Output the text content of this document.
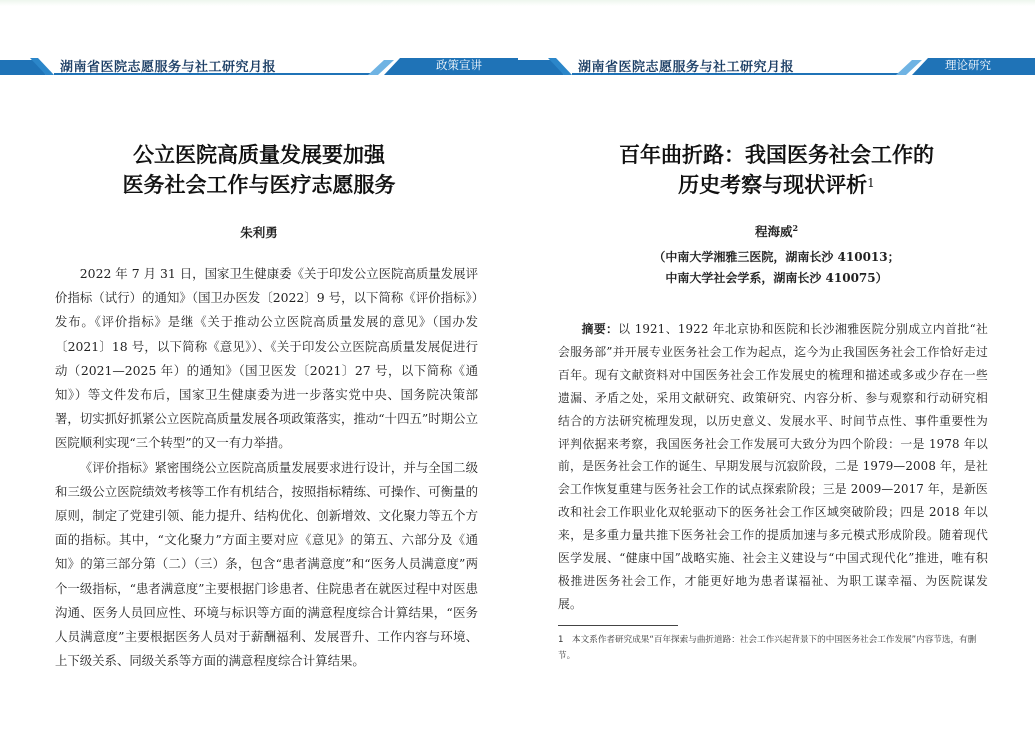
湖南省医院志愿服务与社工研究月报	政策宣讲
公立医院高质量发展要加强
医务社会工作与医疗志愿服务
朱利勇

2022 年 7 月 31 日，国家卫生健康委《关于印发公立医院高质量发展评价指标（试行）的通知》（国卫办医发〔2022〕9 号，以下简称《评价指标》）发布。《评价指标》是继《关于推动公立医院高质量发展的意见》（国办发〔2021〕18 号，以下简称《意见》）、《关于印发公立医院高质量发展促进行动（2021—2025 年）的通知》（国卫医发〔2021〕27 号，以下简称《通知》）等文件发布后，国家卫生健康委为进一步落实党中央、国务院决策部署，切实抓好抓紧公立医院高质量发展各项政策落实，推动“十四五”时期公立医院顺利实现“三个转型”的又一有力举措。

《评价指标》紧密围绕公立医院高质量发展要求进行设计，并与全国二级和三级公立医院绩效考核等工作有机结合，按照指标精练、可操作、可衡量的原则，制定了党建引领、能力提升、结构优化、创新增效、文化聚力等五个方面的指标。其中，“文化聚力”方面主要对应《意见》的第五、六部分及《通知》的第三部分第（二）（三）条，包含“患者满意度”和“医务人员满意度”两个一级指标，“患者满意度”主要根据门诊患者、住院患者在就医过程中对医患沟通、医务人员回应性、环境与标识等方面的满意程度综合计算结果，“医务人员满意度”主要根据医务人员对于薪酬福利、发展晋升、工作内容与环境、上下级关系、同级关系等方面的满意程度综合计算结果。

湖南省医院志愿服务与社工研究月报	理论研究
百年曲折路：我国医务社会工作的
历史考察与现状评析$^1$
程海威$^2$
（中南大学湘雅三医院，湖南长沙 410013；
中南大学社会学系，湖南长沙 410075）

摘要：以 1921、1922 年北京协和医院和长沙湘雅医院分别成立内首批“社会服务部”并开展专业医务社会工作为起点，迄今为止我国医务社会工作恰好走过百年。现有文献资料对中国医务社会工作发展史的梳理和描述或多或少存在一些遗漏、矛盾之处，采用文献研究、政策研究、内容分析、参与观察和行动研究相结合的方法研究梳理发现，以历史意义、发展水平、时间节点性、事件重要性为评判依据来考察，我国医务社会工作发展可大致分为四个阶段：一是 1978 年以前，是医务社会工作的诞生、早期发展与沉寂阶段，二是 1979—2008 年，是社会工作恢复重建与医务社会工作的试点探索阶段；三是 2009—2017 年，是新医改和社会工作职业化双轮驱动下的医务社会工作区域突破阶段；四是 2018 年以来，是多重力量共推下医务社会工作的提质加速与多元模式形成阶段。随着现代医学发展、“健康中国”战略实施、社会主义建设与“中国式现代化”推进，唯有积极推进医务社会工作，才能更好地为患者谋福祉、为职工谋幸福、为医院谋发展。

1　本文系作者研究成果“百年探索与曲折道路：社会工作兴起背景下的中国医务社会工作发展”内容节选，有删节。
